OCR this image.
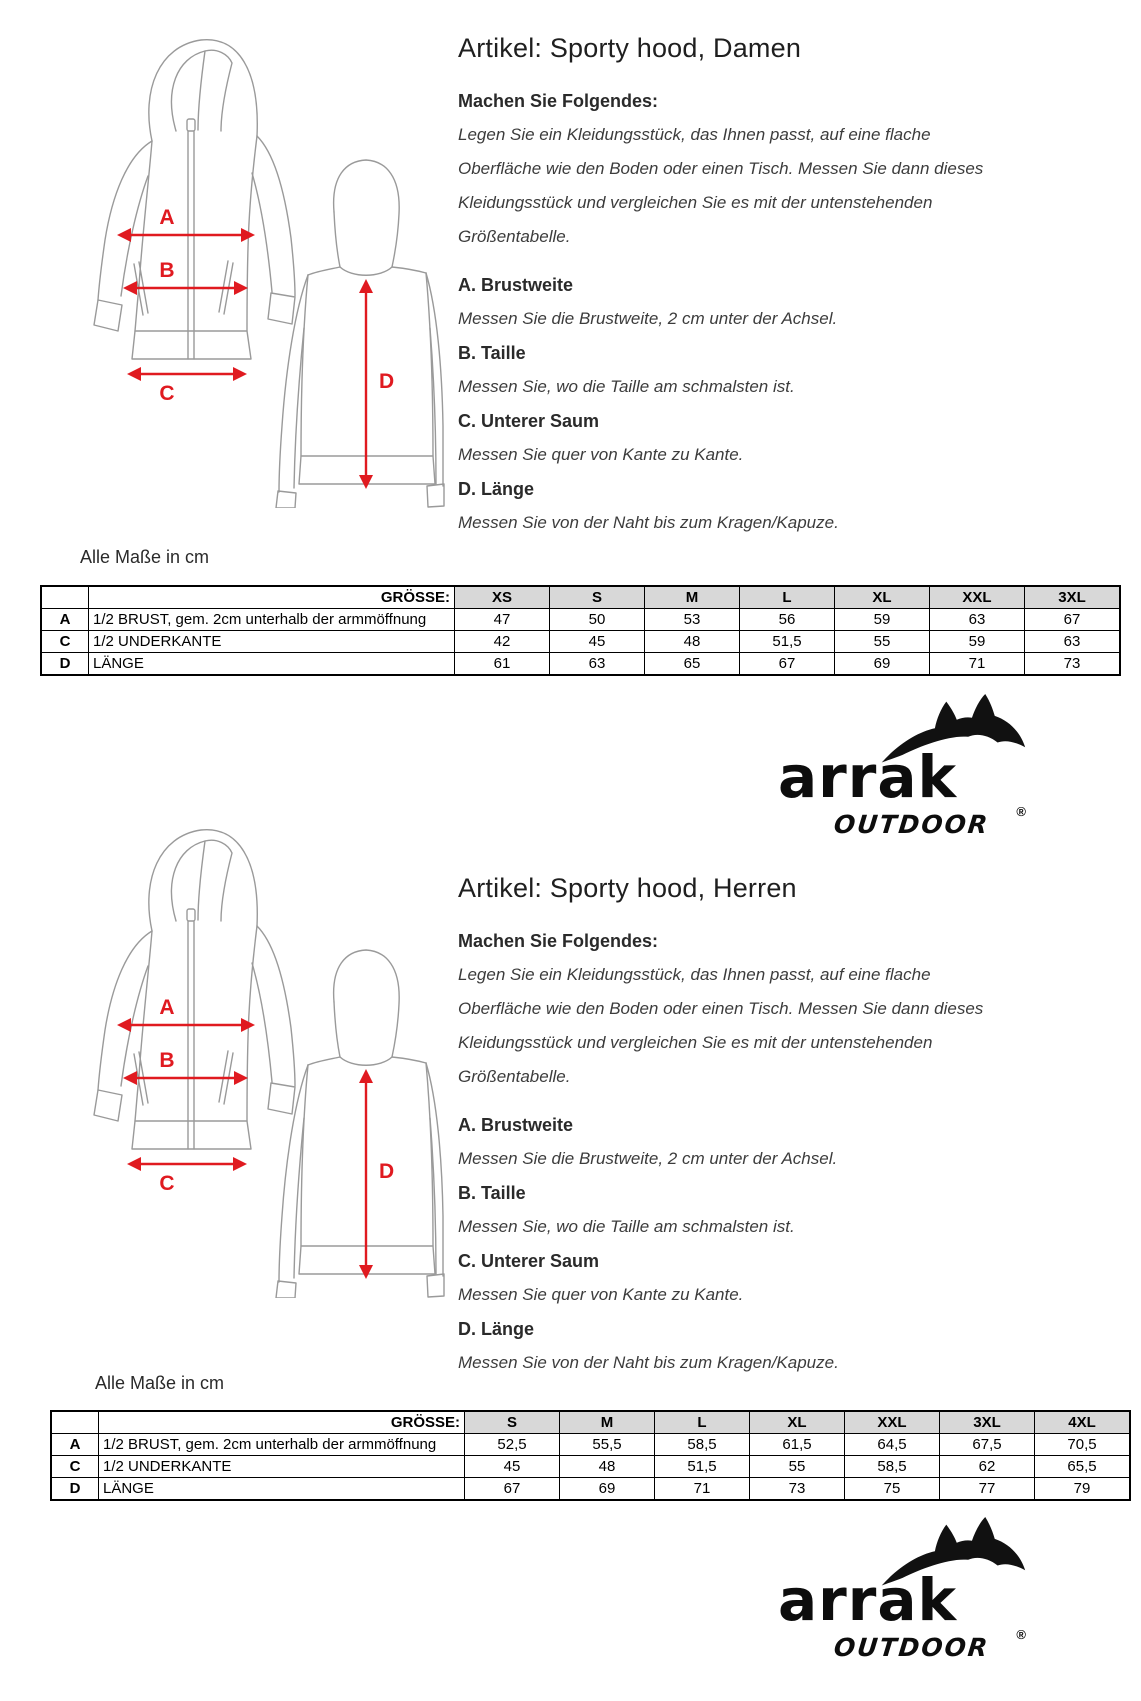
A
B
C
D
Artikel: Sporty hood, Damen
Machen Sie Folgendes:
Legen Sie ein Kleidungsstück, das Ihnen passt, auf eine flache
Oberfläche wie den Boden oder einen Tisch. Messen Sie dann dieses
Kleidungsstück und vergleichen Sie es mit der untenstehenden
Größentabelle.
A. Brustweite
Messen Sie die Brustweite, 2 cm unter der Achsel.
B. Taille
Messen Sie, wo die Taille am schmalsten ist.
C. Unterer Saum
Messen Sie quer von Kante zu Kante.
D. Länge
Messen Sie von der Naht bis zum Kragen/Kapuze.
Alle Maße in cm
	GRÖSSE:	XS	S	M	L	XL	XXL	3XL
A	1/2 BRUST, gem. 2cm unterhalb der armmöffnung	47	50	53	56	59	63	67
C	1/2 UNDERKANTE	42	45	48	51,5	55	59	63
D	LÄNGE	61	63	65	67	69	71	73
arrak
OUTDOOR ®
A
B
C
D
Artikel: Sporty hood, Herren
Machen Sie Folgendes:
Legen Sie ein Kleidungsstück, das Ihnen passt, auf eine flache
Oberfläche wie den Boden oder einen Tisch. Messen Sie dann dieses
Kleidungsstück und vergleichen Sie es mit der untenstehenden
Größentabelle.
A. Brustweite
Messen Sie die Brustweite, 2 cm unter der Achsel.
B. Taille
Messen Sie, wo die Taille am schmalsten ist.
C. Unterer Saum
Messen Sie quer von Kante zu Kante.
D. Länge
Messen Sie von der Naht bis zum Kragen/Kapuze.
Alle Maße in cm
	GRÖSSE:	S	M	L	XL	XXL	3XL	4XL
A	1/2 BRUST, gem. 2cm unterhalb der armmöffnung	52,5	55,5	58,5	61,5	64,5	67,5	70,5
C	1/2 UNDERKANTE	45	48	51,5	55	58,5	62	65,5
D	LÄNGE	67	69	71	73	75	77	79
arrak
OUTDOOR ®
